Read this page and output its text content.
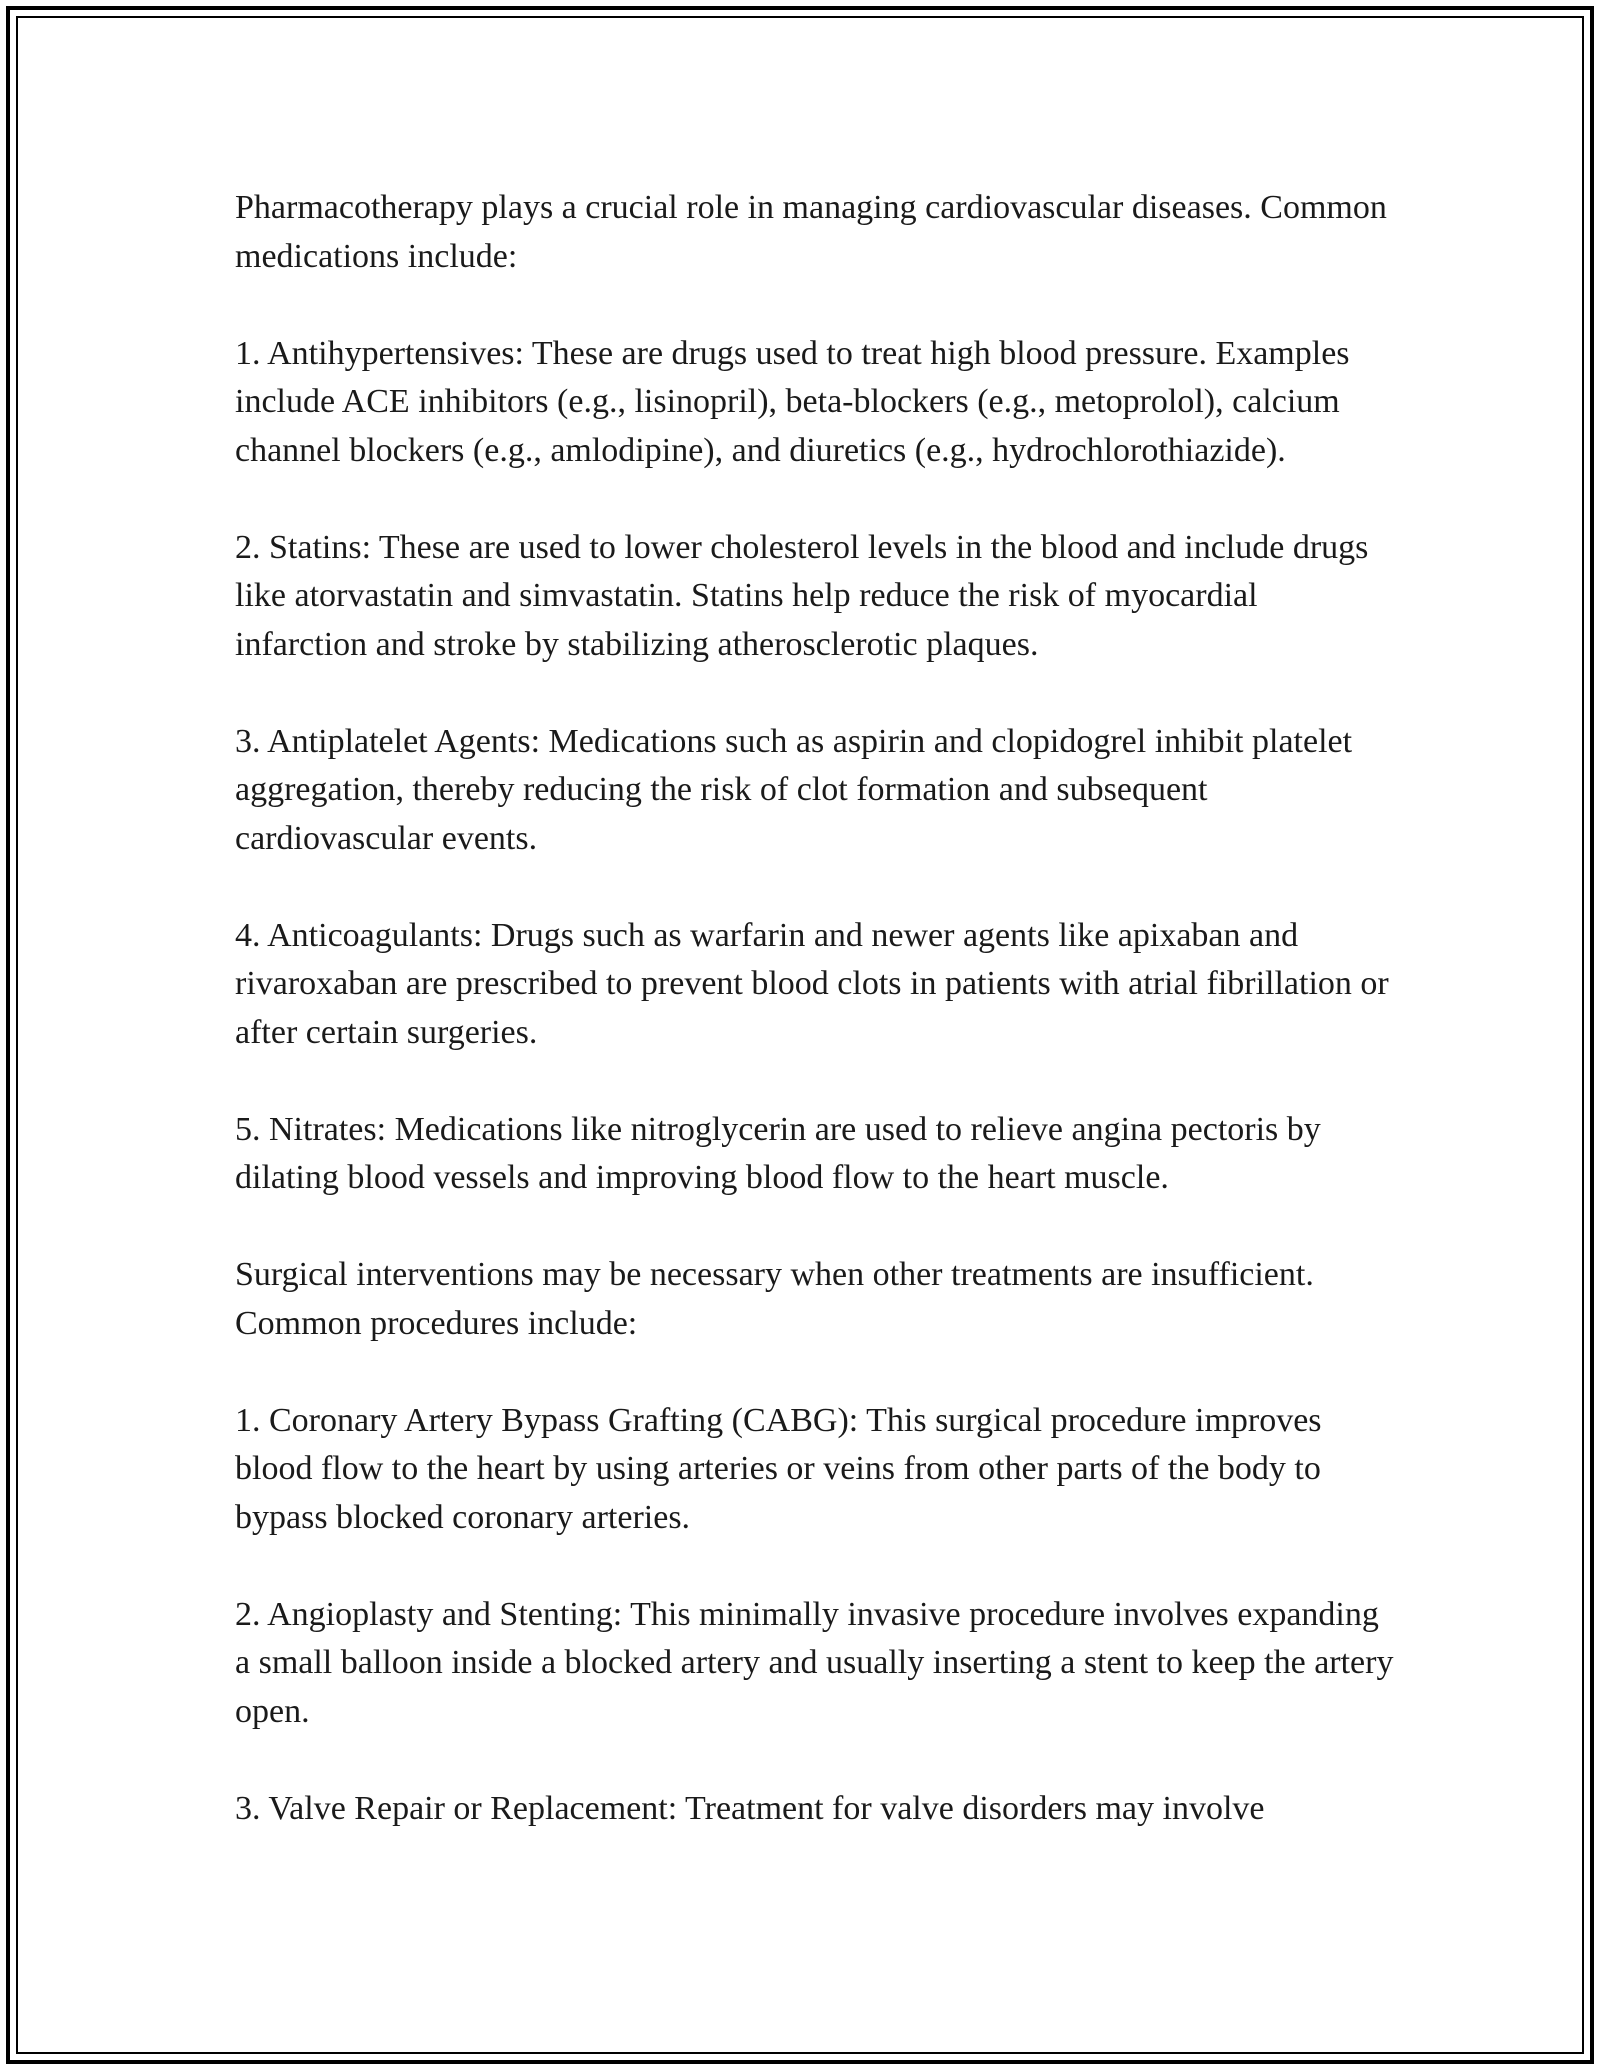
Pharmacotherapy plays a crucial role in managing cardiovascular diseases. Common medications include:

1. Antihypertensives: These are drugs used to treat high blood pressure. Examples include ACE inhibitors (e.g., lisinopril), beta-blockers (e.g., metoprolol), calcium channel blockers (e.g., amlodipine), and diuretics (e.g., hydrochlorothiazide).

2. Statins: These are used to lower cholesterol levels in the blood and include drugs like atorvastatin and simvastatin. Statins help reduce the risk of myocardial infarction and stroke by stabilizing atherosclerotic plaques.

3. Antiplatelet Agents: Medications such as aspirin and clopidogrel inhibit platelet aggregation, thereby reducing the risk of clot formation and subsequent cardiovascular events.

4. Anticoagulants: Drugs such as warfarin and newer agents like apixaban and rivaroxaban are prescribed to prevent blood clots in patients with atrial fibrillation or after certain surgeries.

5. Nitrates: Medications like nitroglycerin are used to relieve angina pectoris by dilating blood vessels and improving blood flow to the heart muscle.

Surgical interventions may be necessary when other treatments are insufficient. Common procedures include:

1. Coronary Artery Bypass Grafting (CABG): This surgical procedure improves blood flow to the heart by using arteries or veins from other parts of the body to bypass blocked coronary arteries.

2. Angioplasty and Stenting: This minimally invasive procedure involves expanding a small balloon inside a blocked artery and usually inserting a stent to keep the artery open.

3. Valve Repair or Replacement: Treatment for valve disorders may involve
